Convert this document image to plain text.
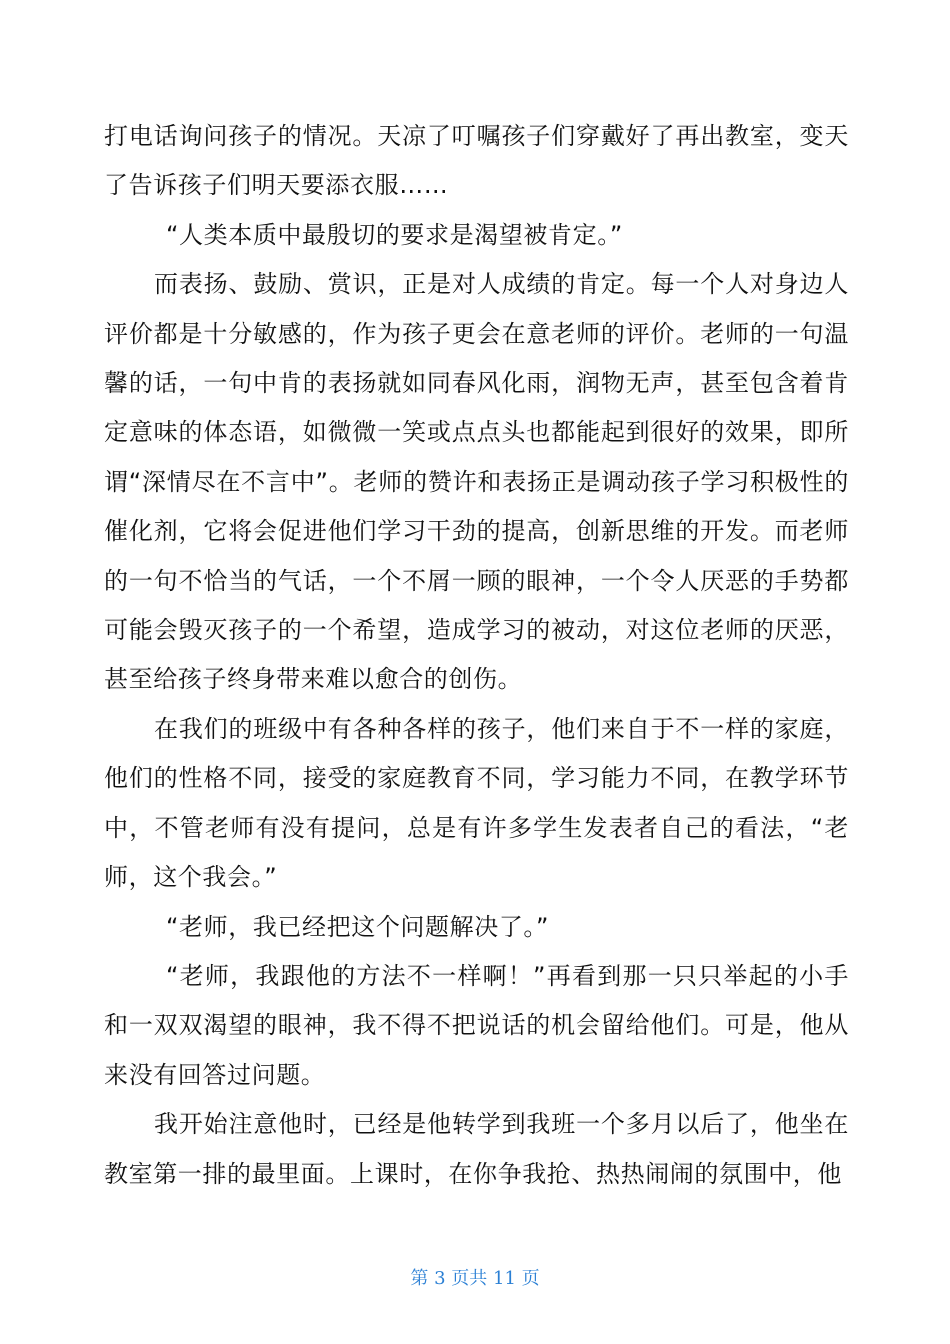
打电话询问孩子的情况。天凉了叮嘱孩子们穿戴好了再出教室，变天了告诉孩子们明天要添衣服……

“人类本质中最殷切的要求是渴望被肯定。”

而表扬、鼓励、赏识，正是对人成绩的肯定。每一个人对身边人评价都是十分敏感的，作为孩子更会在意老师的评价。老师的一句温馨的话，一句中肯的表扬就如同春风化雨，润物无声，甚至包含着肯定意味的体态语，如微微一笑或点点头也都能起到很好的效果，即所谓“深情尽在不言中”。老师的赞许和表扬正是调动孩子学习积极性的催化剂，它将会促进他们学习干劲的提高，创新思维的开发。而老师的一句不恰当的气话，一个不屑一顾的眼神，一个令人厌恶的手势都可能会毁灭孩子的一个希望，造成学习的被动，对这位老师的厌恶，甚至给孩子终身带来难以愈合的创伤。

在我们的班级中有各种各样的孩子，他们来自于不一样的家庭，他们的性格不同，接受的家庭教育不同，学习能力不同，在教学环节中，不管老师有没有提问，总是有许多学生发表者自己的看法，“老师，这个我会。”

“老师，我已经把这个问题解决了。”

“老师，我跟他的方法不一样啊！”再看到那一只只举起的小手和一双双渴望的眼神，我不得不把说话的机会留给他们。可是，他从来没有回答过问题。

我开始注意他时，已经是他转学到我班一个多月以后了，他坐在教室第一排的最里面。上课时，在你争我抢、热热闹闹的氛围中，他

第 3 页共 11 页
